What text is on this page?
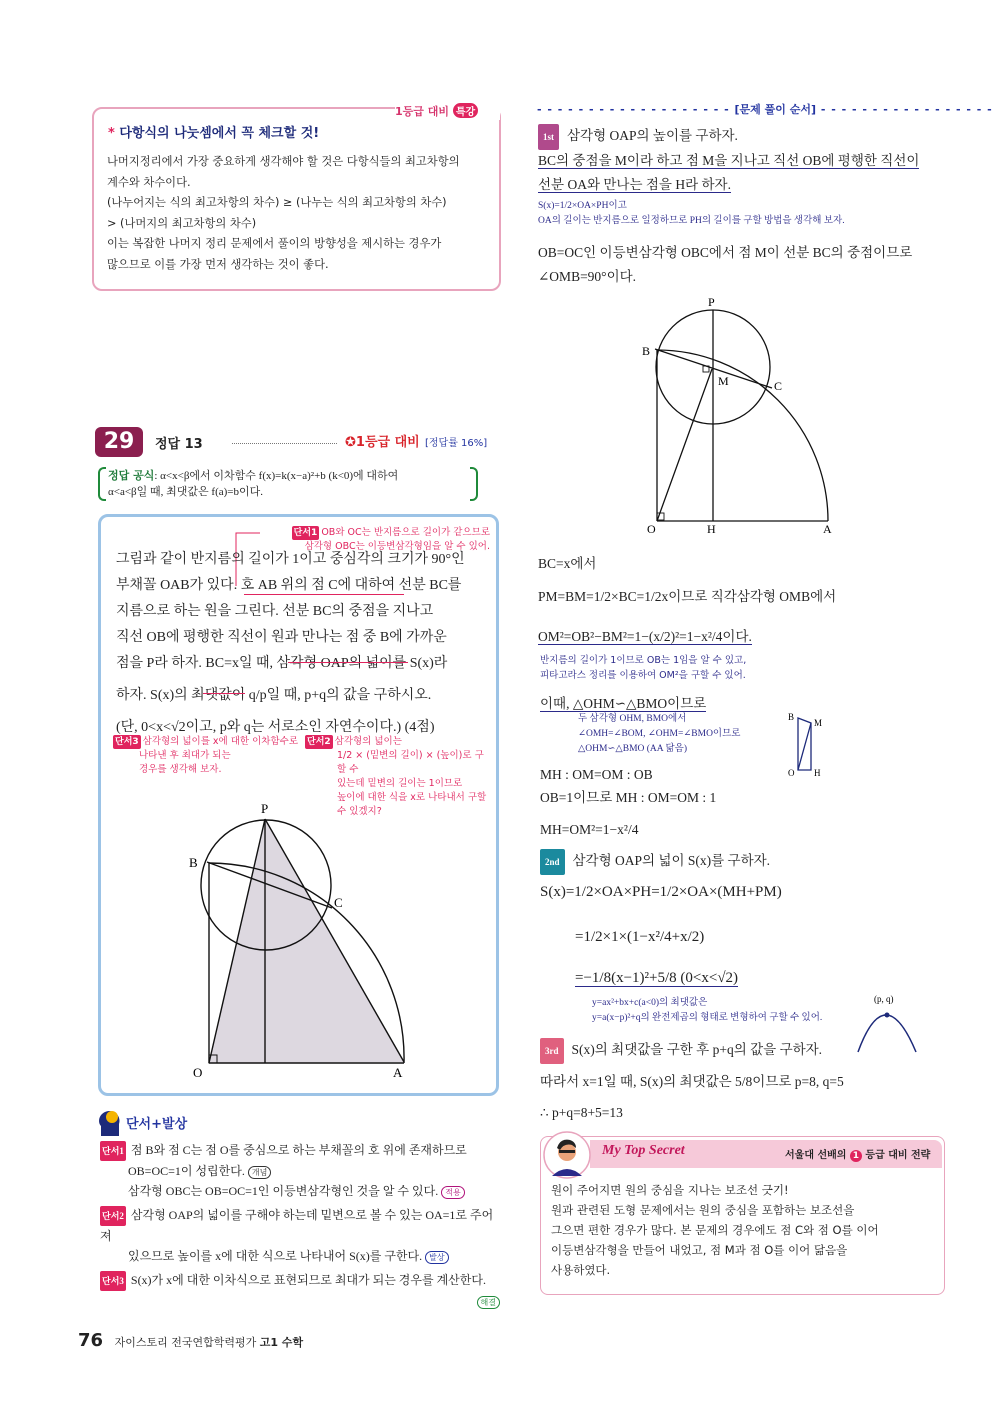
1등급 대비 특강
* 다항식의 나눗셈에서 꼭 체크할 것!
나머지정리에서 가장 중요하게 생각해야 할 것은 다항식들의 최고차항의
계수와 차수이다.
(나누어지는 식의 최고차항의 차수) ≥ (나누는 식의 최고차항의 차수)
> (나머지의 최고차항의 차수)
이는 복잡한 나머지 정리 문제에서 풀이의 방향성을 제시하는 경우가
많으므로 이를 가장 먼저 생각하는 것이 좋다.
29	정답 13	✪1등급 대비 [정답률 16%]
정답 공식: α<x<β에서 이차함수 f(x)=k(x−a)²+b (k<0)에 대하여
α<a<β일 때, 최댓값은 f(a)=b이다.
단서1 OB와 OC는 반지름으로 길이가 같으므로
삼각형 OBC는 이등변삼각형임을 알 수 있어.
그림과 같이 반지름의 길이가 1이고 중심각의 크기가 90°인
부채꼴 OAB가 있다. 호 AB 위의 점 C에 대하여 선분 BC를
지름으로 하는 원을 그린다. 선분 BC의 중점을 지나고
직선 OB에 평행한 직선이 원과 만나는 점 중 B에 가까운
점을 P라 하자. BC=x일 때, 삼각형 OAP의 넓이를 S(x)라
하자. S(x)의 최댓값이 q/p일 때, p+q의 값을 구하시오.
(단, 0<x<√2이고, p와 q는 서로소인 자연수이다.) (4점)
단서3 삼각형의 넓이를 x에 대한 이차함수로
나타낸 후 최대가 되는
경우를 생각해 보자.
단서2 삼각형의 넓이는
1/2 × (밑변의 길이) × (높이)로 구할 수
있는데 밑변의 길이는 1이므로
높이에 대한 식을 x로 나타내서 구할
수 있겠지?
P
B
C
O	A
단서+발상
단서1 점 B와 점 C는 점 O를 중심으로 하는 부채꼴의 호 위에 존재하므로
OB=OC=1이 성립한다. 개념
삼각형 OBC는 OB=OC=1인 이등변삼각형인 것을 알 수 있다. 적용
단서2 삼각형 OAP의 넓이를 구해야 하는데 밑변으로 볼 수 있는 OA=1로 주어져
있으므로 높이를 x에 대한 식으로 나타내어 S(x)를 구한다. 발상
단서3 S(x)가 x에 대한 이차식으로 표현되므로 최대가 되는 경우를 계산한다.
해결
- - - - - - - - - - - - - - - - - - - [문제 풀이 순서] - - - - - - - - - - - - - - - - -
1st 삼각형 OAP의 높이를 구하자.
BC의 중점을 M이라 하고 점 M을 지나고 직선 OB에 평행한 직선이
선분 OA와 만나는 점을 H라 하자.
S(x)=1/2×OA×PH이고
OA의 길이는 반지름으로 일정하므로 PH의 길이를 구할 방법을 생각해 보자.
OB=OC인 이등변삼각형 OBC에서 점 M이 선분 BC의 중점이므로
∠OMB=90°이다.
P
B
M	C
O	H	A
BC=x에서
PM=BM=1/2×BC=1/2x이므로 직각삼각형 OMB에서
OM²=OB²−BM²=1−(x/2)²=1−x²/4이다.
반지름의 길이가 1이므로 OB는 1임을 알 수 있고,
피타고라스 정리를 이용하여 OM²을 구할 수 있어.
이때, △OHM∽△BMO이므로
두 삼각형 OHM, BMO에서
∠OMH=∠BOM, ∠OHM=∠BMO이므로
△OHM∽△BMO (AA 닮음)
B
M
O H
MH : OM=OM : OB
OB=1이므로 MH : OM=OM : 1
MH=OM²=1−x²/4
2nd 삼각형 OAP의 넓이 S(x)를 구하자.
S(x)=1/2×OA×PH=1/2×OA×(MH+PM)
=1/2×1×(1−x²/4+x/2)
=−1/8(x−1)²+5/8 (0<x<√2)
y=ax²+bx+c(a<0)의 최댓값은
y=a(x−p)²+q의 완전제곱의 형태로 변형하여 구할 수 있어.
(p, q)
3rd S(x)의 최댓값을 구한 후 p+q의 값을 구하자.
따라서 x=1일 때, S(x)의 최댓값은 5/8이므로 p=8, q=5
∴ p+q=8+5=13
My Top Secret	서울대 선배의 1 등급 대비 전략
원이 주어지면 원의 중심을 지나는 보조선 긋기!
원과 관련된 도형 문제에서는 원의 중심을 포함하는 보조선을
그으면 편한 경우가 많다. 본 문제의 경우에도 점 C와 점 O를 이어
이등변삼각형을 만들어 내었고, 점 M과 점 O를 이어 닮음을
사용하였다.
76 자이스토리 전국연합학력평가 고1 수학
